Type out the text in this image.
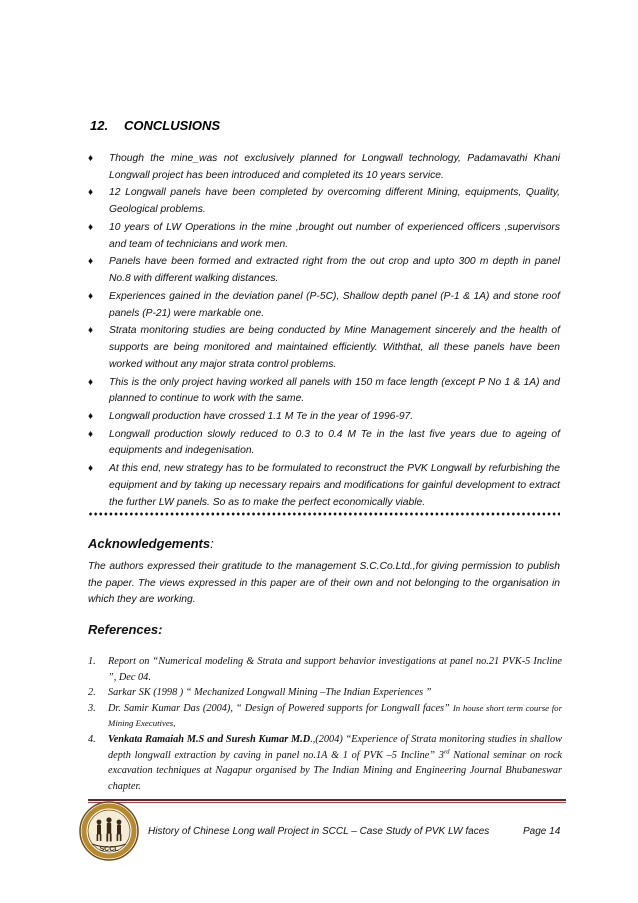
12. CONCLUSIONS
♦ Though the mine_was not exclusively planned for Longwall technology, Padamavathi Khani Longwall project has been introduced and completed its 10 years service.
♦ 12 Longwall panels have been completed by overcoming different Mining, equipments, Quality, Geological problems.
♦ 10 years of LW Operations in the mine ,brought out number of experienced officers ,supervisors and team of technicians and work men.
♦ Panels have been formed and extracted right from the out crop and upto 300 m depth in panel No.8 with different walking distances.
♦ Experiences gained in the deviation panel (P-5C), Shallow depth panel (P-1 & 1A) and stone roof panels (P-21) were markable one.
♦ Strata monitoring studies are being conducted by Mine Management sincerely and the health of supports are being monitored and maintained efficiently. Withthat, all these panels have been worked without any major strata control problems.
♦ This is the only project having worked all panels with 150 m face length (except P No 1 & 1A) and planned to continue to work with the same.
♦ Longwall production have crossed 1.1 M Te in the year of 1996-97.
♦ Longwall production slowly reduced to 0.3 to 0.4 M Te in the last five years due to ageing of equipments and indegenisation.
♦ At this end, new strategy has to be formulated to reconstruct the PVK Longwall by refurbishing the equipment and by taking up necessary repairs and modifications for gainful development to extract the further LW panels. So as to make the perfect economically viable.
Acknowledgements:
The authors expressed their gratitude to the management S.C.Co.Ltd.,for giving permission to publish the paper. The views expressed in this paper are of their own and not belonging to the organisation in which they are working.
References:
1. Report on “Numerical modeling & Strata and support behavior investigations at panel no.21 PVK-5 Incline ”, Dec 04.
2. Sarkar SK (1998 ) “ Mechanized Longwall Mining –The Indian Experiences ”
3. Dr. Samir Kumar Das (2004), “ Design of Powered supports for Longwall faces” In house short term course for Mining Executives,
4. Venkata Ramaiah M.S and Suresh Kumar M.D.,(2004) “Experience of Strata monitoring studies in shallow depth longwall extraction by caving in panel no.1A & 1 of PVK –5 Incline” 3rd National seminar on rock excavation techniques at Nagapur organised by The Indian Mining and Engineering Journal Bhubaneswar chapter.
SCCL
History of Chinese Long wall Project in SCCL – Case Study of PVK LW faces	Page 14
